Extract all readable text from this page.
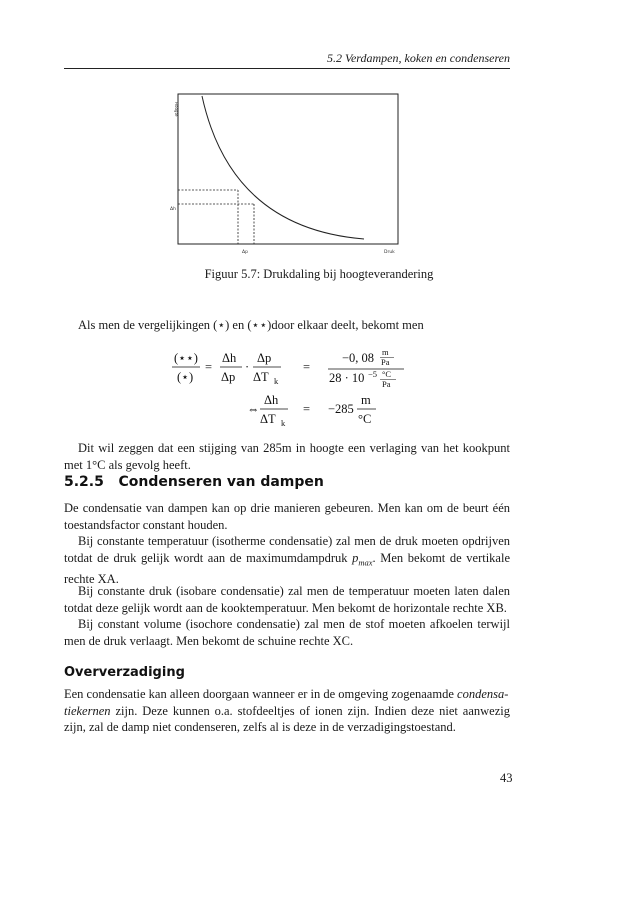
5.2 Verdampen, koken en condenseren
Hoogte
Δh
Δp	Druk
Figuur 5.7: Drukdaling bij hoogteverandering
Als men de vergelijkingen (⋆) en (⋆⋆)door elkaar deelt, bekomt men
(⋆⋆)
(⋆)
=
Δh
Δp
·
Δp
ΔT k
=
−0, 08 m
Pa
28 · 10 −5 °C
Pa
⇔
Δh
ΔT k
= −285
m
°C
Dit wil zeggen dat een stijging van 285m in hoogte een verlaging van het kookpunt met 1°C als gevolg heeft.
5.2.5 Condenseren van dampen
De condensatie van dampen kan op drie manieren gebeuren. Men kan om de beurt één toestandsfactor constant houden.
Bij constante temperatuur (isotherme condensatie) zal men de druk moeten opdrijven totdat de druk gelijk wordt aan de maximumdampdruk $p_{max}$. Men bekomt de vertikale rechte XA.
Bij constante druk (isobare condensatie) zal men de temperatuur moeten laten dalen totdat deze gelijk wordt aan de kooktemperatuur. Men bekomt de horizontale rechte XB.
Bij constant volume (isochore condensatie) zal men de stof moeten afkoelen terwijl men de druk verlaagt. Men bekomt de schuine rechte XC.
Oververzadiging
Een condensatie kan alleen doorgaan wanneer er in de omgeving zogenaamde condensa-
tiekernen zijn. Deze kunnen o.a. stofdeeltjes of ionen zijn. Indien deze niet aanwezig zijn, zal de damp niet condenseren, zelfs al is deze in de verzadigingstoestand.
43
